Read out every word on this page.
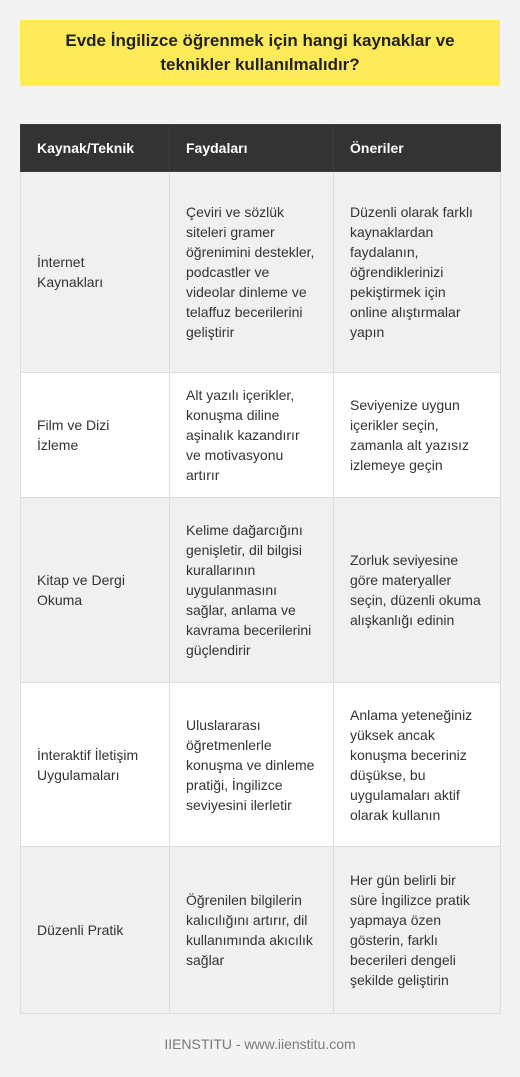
Evde İngilizce öğrenmek için hangi kaynaklar ve teknikler kullanılmalıdır?
Kaynak/Teknik	Faydaları	Öneriler
İnternet Kaynakları	Çeviri ve sözlük siteleri gramer öğrenimini destekler, podcastler ve videolar dinleme ve telaffuz becerilerini geliştirir	Düzenli olarak farklı kaynaklardan faydalanın, öğrendiklerinizi pekiştirmek için online alıştırmalar yapın
Film ve Dizi İzleme	Alt yazılı içerikler, konuşma diline aşinalık kazandırır ve motivasyonu artırır	Seviyenize uygun içerikler seçin, zamanla alt yazısız izlemeye geçin
Kitap ve Dergi Okuma	Kelime dağarcığını genişletir, dil bilgisi kurallarının uygulanmasını sağlar, anlama ve kavrama becerilerini güçlendirir	Zorluk seviyesine göre materyaller seçin, düzenli okuma alışkanlığı edinin
İnteraktif İletişim Uygulamaları	Uluslararası öğretmenlerle konuşma ve dinleme pratiği, İngilizce seviyesini ilerletir	Anlama yeteneğiniz yüksek ancak konuşma beceriniz düşükse, bu uygulamaları aktif olarak kullanın
Düzenli Pratik	Öğrenilen bilgilerin kalıcılığını artırır, dil kullanımında akıcılık sağlar	Her gün belirli bir süre İngilizce pratik yapmaya özen gösterin, farklı becerileri dengeli şekilde geliştirin
IIENSTITU - www.iienstitu.com
